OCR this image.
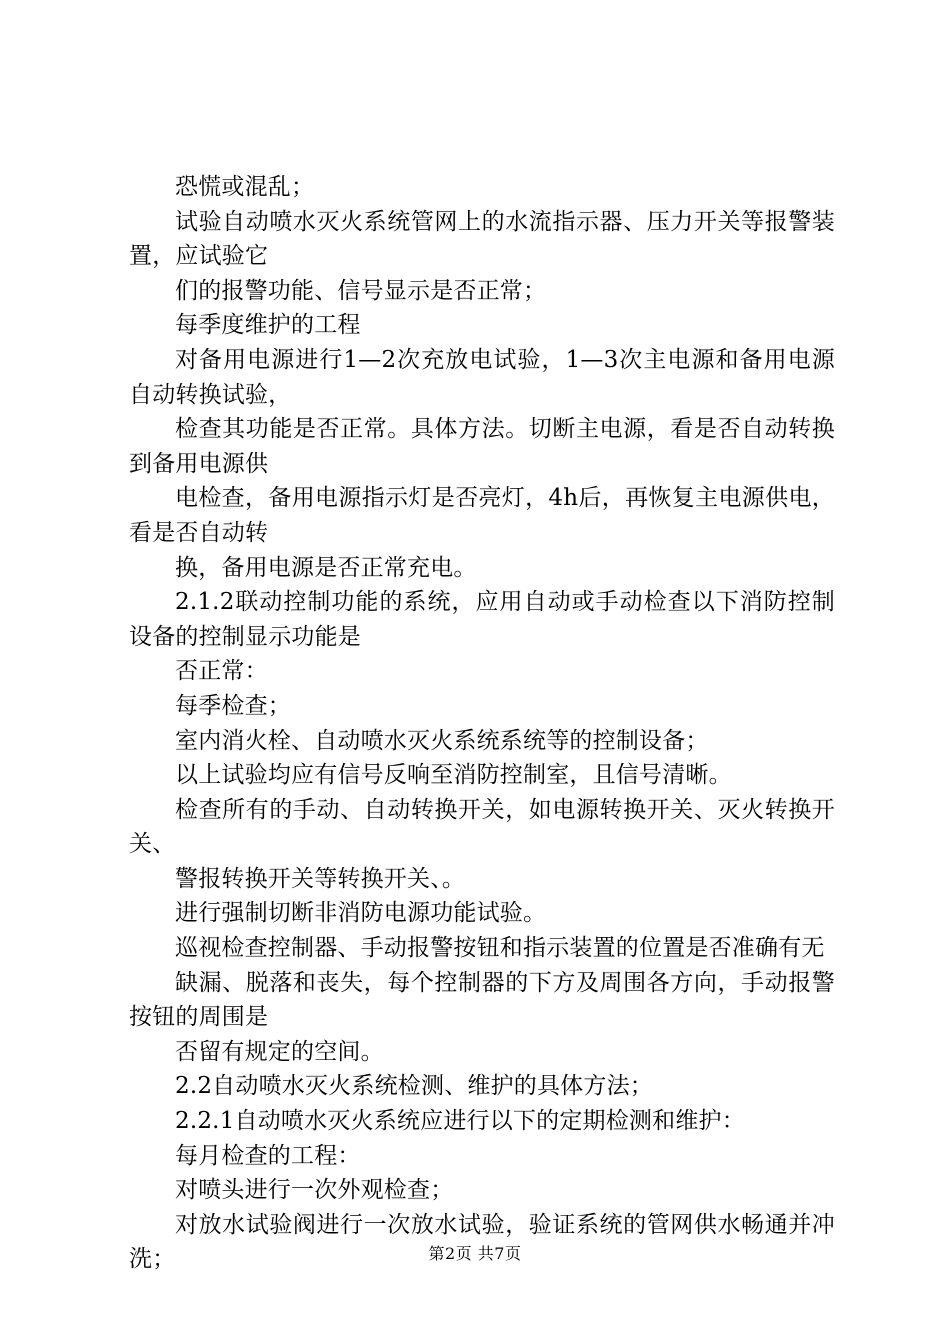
恐慌或混乱；

试验自动喷水灭火系统管网上的水流指示器、压力开关等报警装置，应试验它

们的报警功能、信号显示是否正常；

每季度维护的工程

对备用电源进行1—2次充放电试验，1—3次主电源和备用电源自动转换试验，

检查其功能是否正常。具体方法。切断主电源，看是否自动转换到备用电源供

电检查，备用电源指示灯是否亮灯，4h后，再恢复主电源供电，看是否自动转

换，备用电源是否正常充电。

2.1.2联动控制功能的系统，应用自动或手动检查以下消防控制设备的控制显示功能是

否正常：

每季检查；

室内消火栓、自动喷水灭火系统系统等的控制设备；

以上试验均应有信号反响至消防控制室，且信号清晰。

检查所有的手动、自动转换开关，如电源转换开关、灭火转换开关、

警报转换开关等转换开关、。

进行强制切断非消防电源功能试验。

巡视检查控制器、手动报警按钮和指示装置的位置是否准确有无

缺漏、脱落和丧失，每个控制器的下方及周围各方向，手动报警按钮的周围是

否留有规定的空间。

2.2自动喷水灭火系统检测、维护的具体方法；

2.2.1自动喷水灭火系统应进行以下的定期检测和维护：

每月检查的工程：

对喷头进行一次外观检查；

对放水试验阀进行一次放水试验，验证系统的管网供水畅通并冲洗；	第2页 共7页
